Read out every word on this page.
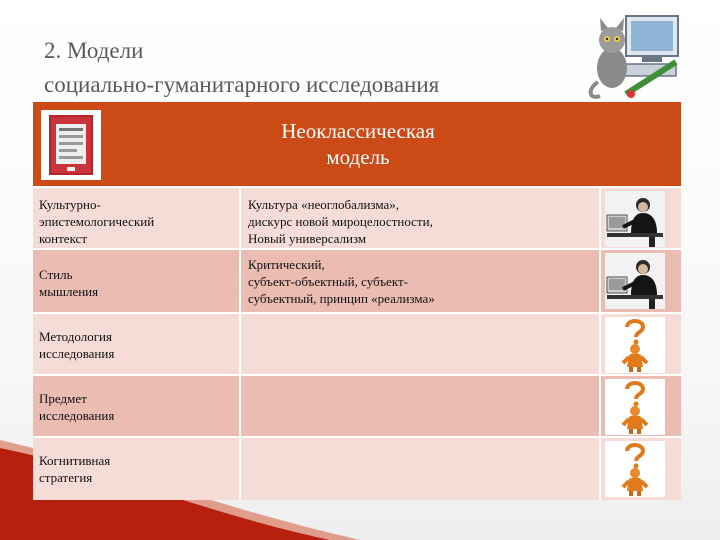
2. Модели
социально-гуманитарного исследования
Неоклассическая
модель
Культурно-
эпистемологический
контекст
Культура «неоглобализма»,
дискурс новой мироцелостности,
Новый универсализм
Стиль
мышления
Критический,
субъект-объектный, субъект-
субъектный, принцип «реализма»
Методология
исследования
Предмет
исследования
Когнитивная
стратегия
